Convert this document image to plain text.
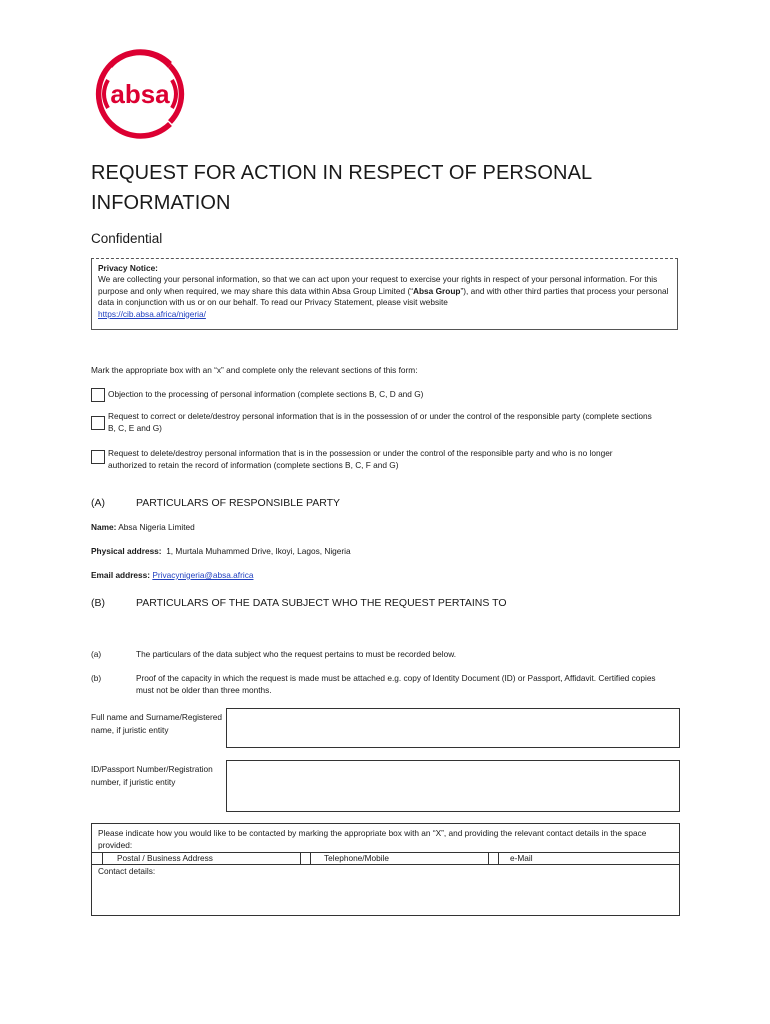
absa
REQUEST FOR ACTION IN RESPECT OF PERSONAL INFORMATION
Confidential
Privacy Notice:
We are collecting your personal information, so that we can act upon your request to exercise your rights in respect of your personal information. For this purpose and only when required, we may share this data within Absa Group Limited (“Absa Group”), and with other third parties that process your personal data in conjunction with us or on our behalf. To read our Privacy Statement, please visit website
https://cib.absa.africa/nigeria/
Mark the appropriate box with an “x” and complete only the relevant sections of this form:
Objection to the processing of personal information (complete sections B, C, D and G)
Request to correct or delete/destroy personal information that is in the possession of or under the control of the responsible party (complete sections B, C, E and G)
Request to delete/destroy personal information that is in the possession or under the control of the responsible party and who is no longer authorized to retain the record of information (complete sections B, C, F and G)
(A)	PARTICULARS OF RESPONSIBLE PARTY
Name: Absa Nigeria Limited
Physical address: 1, Murtala Muhammed Drive, Ikoyi, Lagos, Nigeria
Email address: Privacynigeria@absa.africa
(B)	PARTICULARS OF THE DATA SUBJECT WHO THE REQUEST PERTAINS TO
(a)	The particulars of the data subject who the request pertains to must be recorded below.
(b)	Proof of the capacity in which the request is made must be attached e.g. copy of Identity Document (ID) or Passport, Affidavit. Certified copies must not be older than three months.
Full name and Surname/Registered name, if juristic entity
ID/Passport Number/Registration number, if juristic entity
Please indicate how you would like to be contacted by marking the appropriate box with an “X”, and providing the relevant contact details in the space provided:
Postal / Business Address	Telephone/Mobile	e-Mail
Contact details:
